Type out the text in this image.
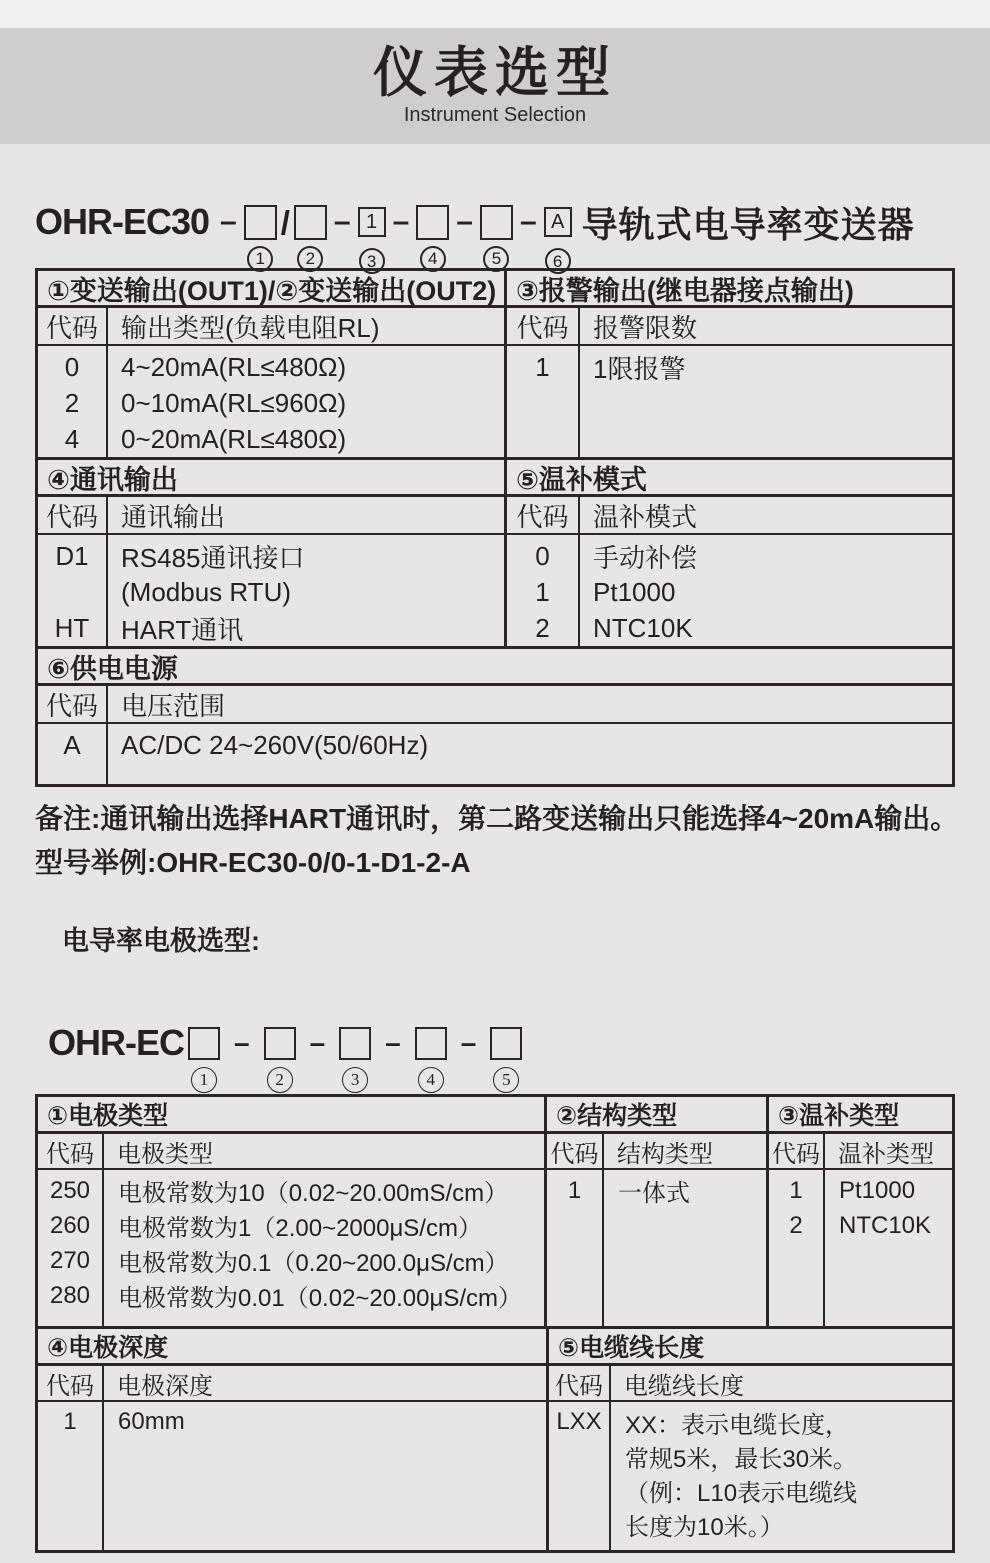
仪表选型
Instrument Selection
OHR-EC30 –
1
/
2
– 1
3
–
4
–
5
– A
6
导轨式电导率变送器
①变送输出(OUT1)/②变送输出(OUT2)
代码 输出类型(负载电阻RL)
0
2
4
4~20mA(RL≤480Ω)
0~10mA(RL≤960Ω)
0~20mA(RL≤480Ω)
③报警输出(继电器接点输出)
代码 报警限数
1 1限报警
④通讯输出
代码 通讯输出
D1
HT
RS485通讯接口
(Modbus RTU)
HART通讯
⑤温补模式
代码 温补模式
0
1
2
手动补偿
Pt1000
NTC10K
⑥供电电源
代码 电压范围
A AC/DC 24~260V(50/60Hz)
备注:通讯输出选择HART通讯时，第二路变送输出只能选择4~20mA输出。
型号举例:OHR-EC30-0/0-1-D1-2-A
电导率电极选型:
OHR-EC
1
–
2
–
3
–
4
–
5
①电极类型
代码 电极类型
250
260
270
280
电极常数为10（0.02~20.00mS/cm）
电极常数为1（2.00~2000μS/cm）
电极常数为0.1（0.20~200.0μS/cm）
电极常数为0.01（0.02~20.00μS/cm）
②结构类型
代码 结构类型
1 一体式
③温补类型
代码 温补类型
1
2
Pt1000
NTC10K
④电极深度
代码 电极深度
1 60mm
⑤电缆线长度
代码 电缆线长度
LXX XX：表示电缆长度，
常规5米，最长30米。
（例：L10表示电缆线
长度为10米。）
